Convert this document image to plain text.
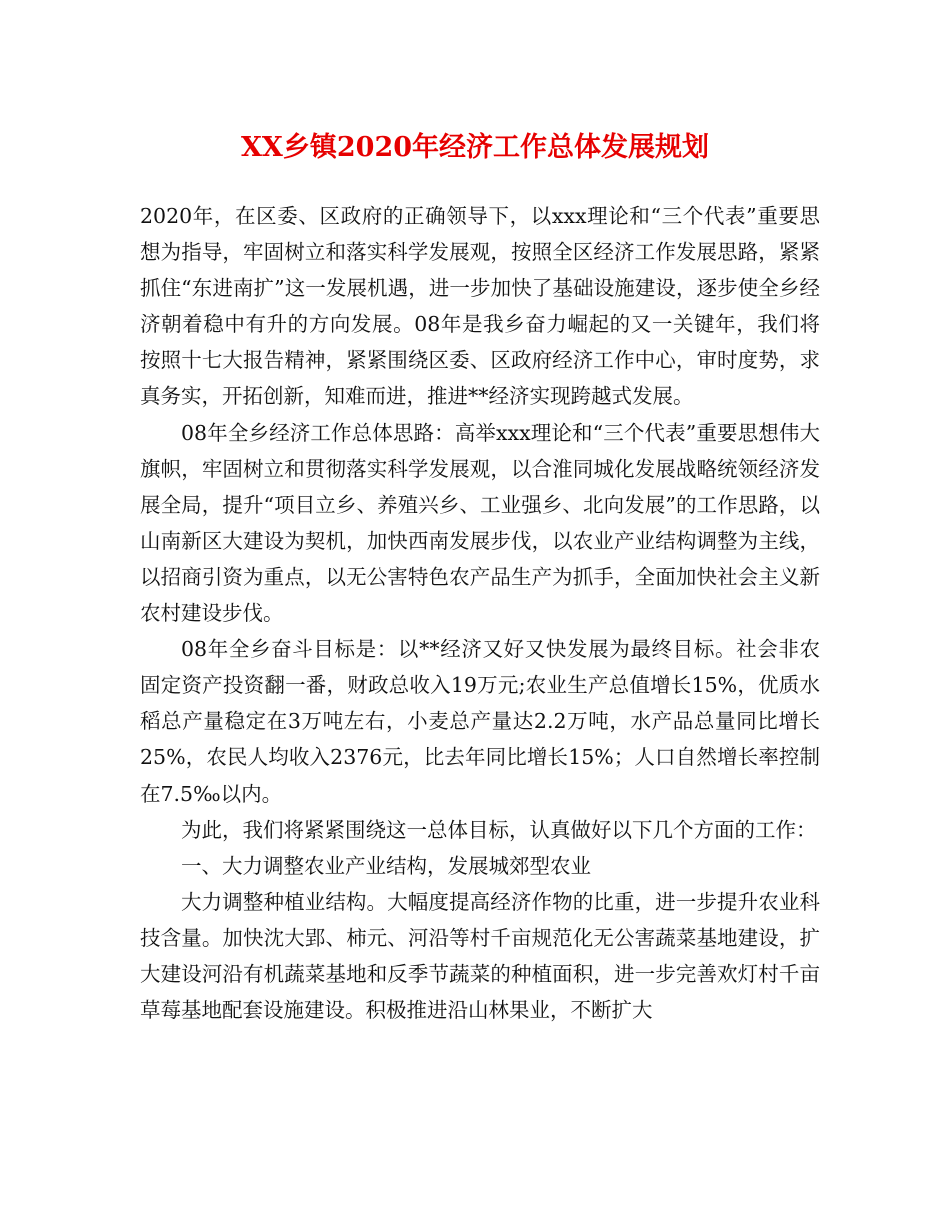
XX乡镇2020年经济工作总体发展规划

2020年，在区委、区政府的正确领导下，以xxx理论和“三个代表”重要思想为指导，牢固树立和落实科学发展观，按照全区经济工作发展思路，紧紧抓住“东进南扩”这一发展机遇，进一步加快了基础设施建设，逐步使全乡经济朝着稳中有升的方向发展。08年是我乡奋力崛起的又一关键年，我们将按照十七大报告精神，紧紧围绕区委、区政府经济工作中心，审时度势，求真务实，开拓创新，知难而进，推进**经济实现跨越式发展。

08年全乡经济工作总体思路：高举xxx理论和“三个代表”重要思想伟大旗帜，牢固树立和贯彻落实科学发展观，以合淮同城化发展战略统领经济发展全局，提升“项目立乡、养殖兴乡、工业强乡、北向发展”的工作思路，以山南新区大建设为契机，加快西南发展步伐，以农业产业结构调整为主线，以招商引资为重点，以无公害特色农产品生产为抓手，全面加快社会主义新农村建设步伐。

08年全乡奋斗目标是：以**经济又好又快发展为最终目标。社会非农固定资产投资翻一番，财政总收入19万元;农业生产总值增长15%，优质水稻总产量稳定在3万吨左右，小麦总产量达2.2万吨，水产品总量同比增长25%，农民人均收入2376元，比去年同比增长15%；人口自然增长率控制在7.5‰以内。

为此，我们将紧紧围绕这一总体目标，认真做好以下几个方面的工作：

一、大力调整农业产业结构，发展城郊型农业

大力调整种植业结构。大幅度提高经济作物的比重，进一步提升农业科技含量。加快沈大郢、柿元、河沿等村千亩规范化无公害蔬菜基地建设，扩大建设河沿有机蔬菜基地和反季节蔬菜的种植面积，进一步完善欢灯村千亩草莓基地配套设施建设。积极推进沿山林果业，不断扩大
